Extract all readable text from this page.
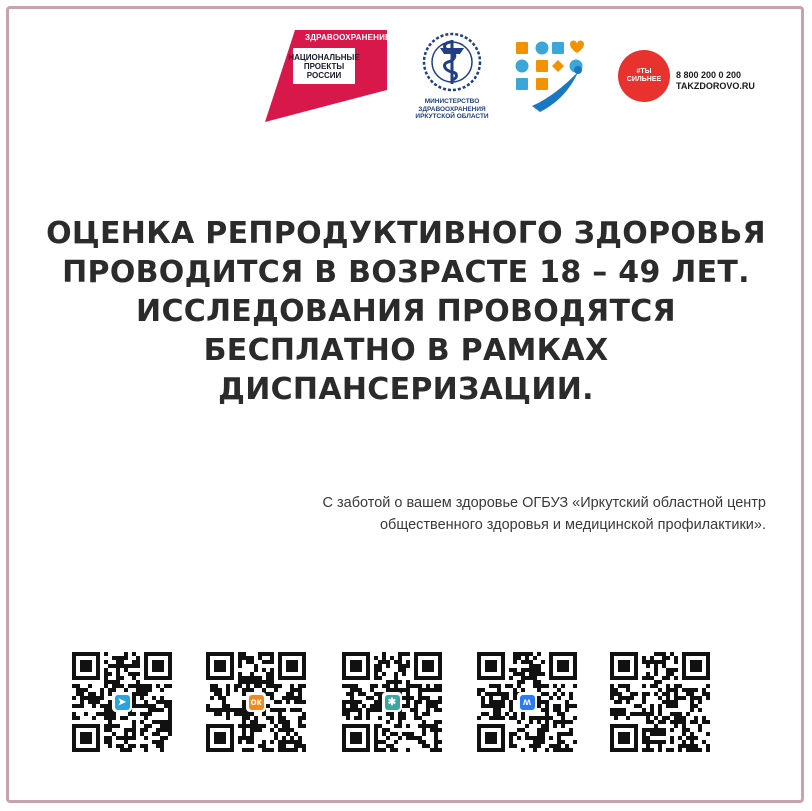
ЗДРАВООХРАНЕНИЕ
НАЦИОНАЛЬНЫЕ
ПРОЕКТЫ
РОССИИ
МИНИСТЕРСТВО
ЗДРАВООХРАНЕНИЯ
ИРКУТСКОЙ ОБЛАСТИ
#ТЫ
СИЛЬНЕЕ	8 800 200 0 200
TAKZDOROVO.RU
ОЦЕНКА РЕПРОДУКТИВНОГО ЗДОРОВЬЯ
ПРОВОДИТСЯ В ВОЗРАСТЕ 18 – 49 ЛЕТ.
ИССЛЕДОВАНИЯ ПРОВОДЯТСЯ
БЕСПЛАТНО В РАМКАХ
ДИСПАНСЕРИЗАЦИИ.
С заботой о вашем здоровье ОГБУЗ «Иркутский областной центр
общественного здоровья и медицинской профилактики».
➤	ок	✱	ʍ
